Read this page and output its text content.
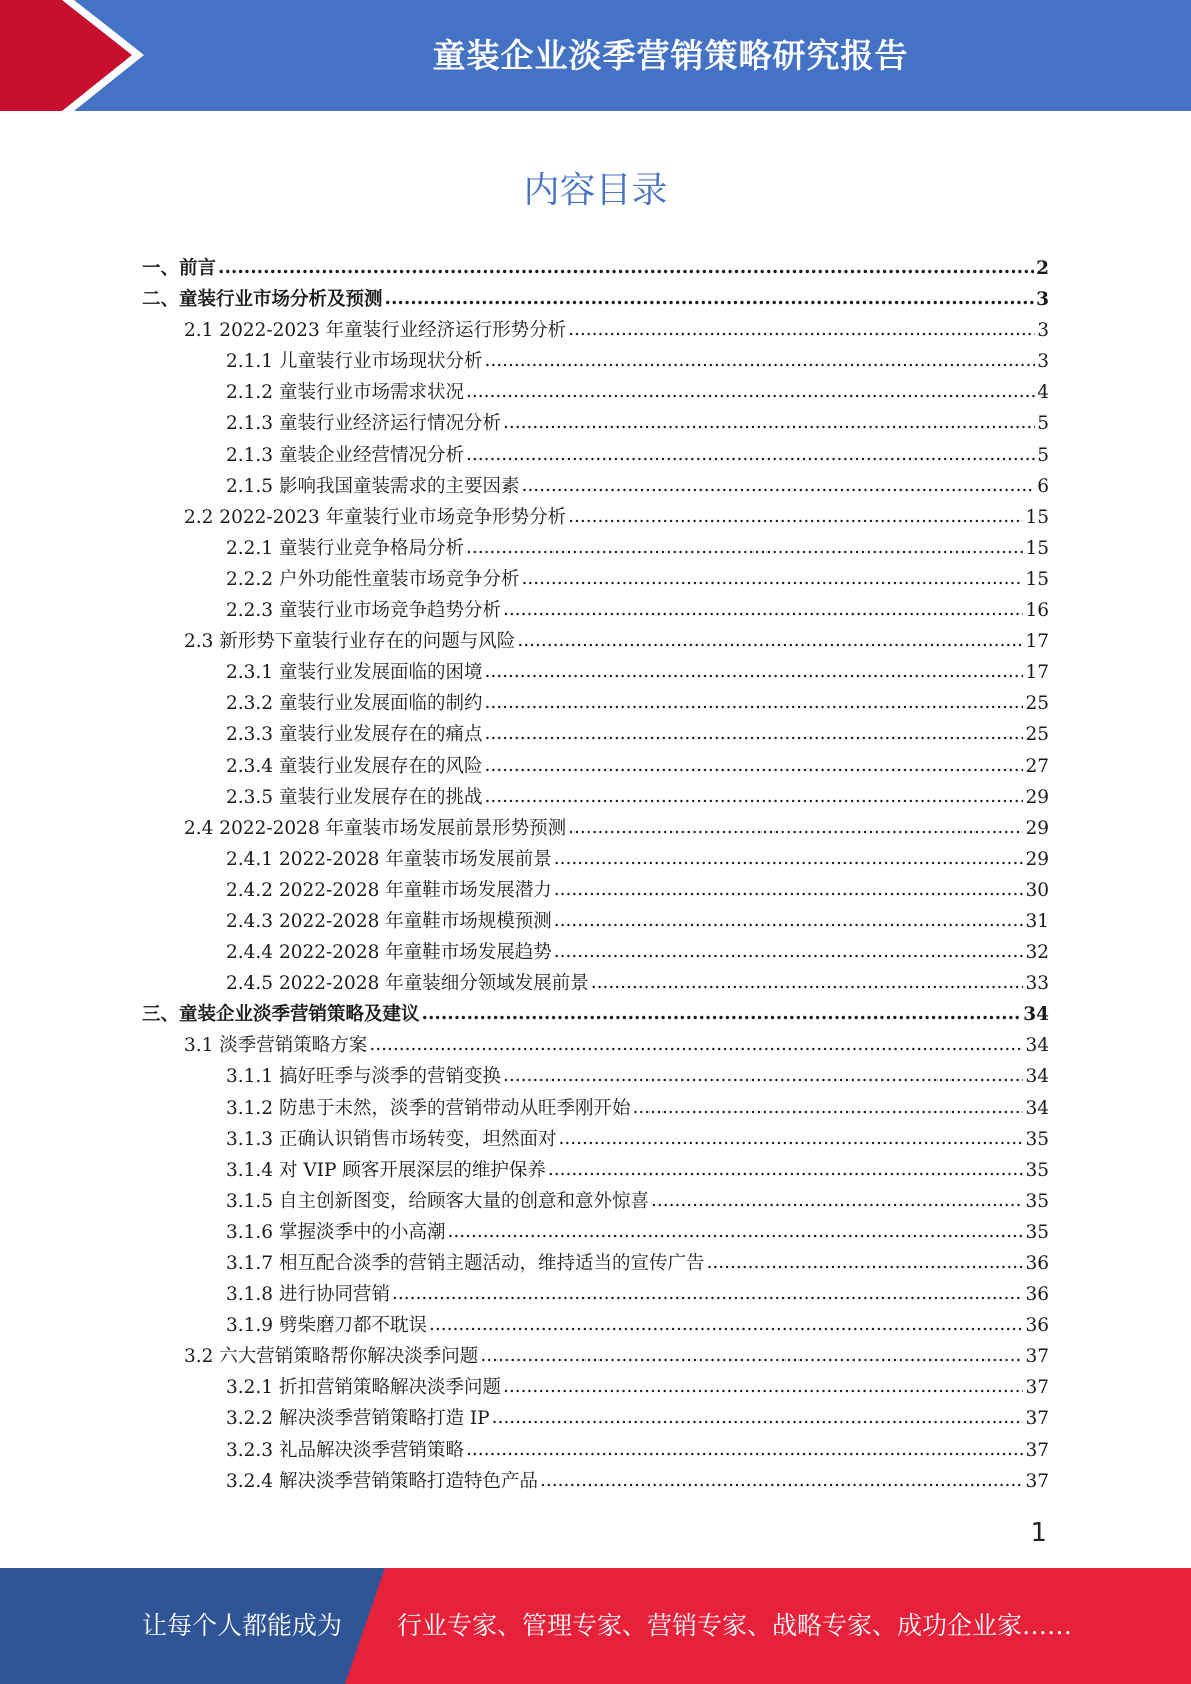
童装企业淡季营销策略研究报告
内容目录
一、前言 .....	2
二、童装行业市场分析及预测 .....	3
2.1 2022-2023 年童装行业经济运行形势分析 .....	3
2.1.1 儿童装行业市场现状分析 .....	3
2.1.2 童装行业市场需求状况 .....	4
2.1.3 童装行业经济运行情况分析 .....	5
2.1.3 童装企业经营情况分析 .....	5
2.1.5 影响我国童装需求的主要因素 .....	6
2.2 2022-2023 年童装行业市场竞争形势分析 .....	15
2.2.1 童装行业竞争格局分析 .....	15
2.2.2 户外功能性童装市场竞争分析 .....	15
2.2.3 童装行业市场竞争趋势分析 .....	16
2.3 新形势下童装行业存在的问题与风险 .....	17
2.3.1 童装行业发展面临的困境 .....	17
2.3.2 童装行业发展面临的制约 .....	25
2.3.3 童装行业发展存在的痛点 .....	25
2.3.4 童装行业发展存在的风险 .....	27
2.3.5 童装行业发展存在的挑战 .....	29
2.4 2022-2028 年童装市场发展前景形势预测 .....	29
2.4.1 2022-2028 年童装市场发展前景 .....	29
2.4.2 2022-2028 年童鞋市场发展潜力 .....	30
2.4.3 2022-2028 年童鞋市场规模预测 .....	31
2.4.4 2022-2028 年童鞋市场发展趋势 .....	32
2.4.5 2022-2028 年童装细分领域发展前景 .....	33
三、童装企业淡季营销策略及建议 .....	34
3.1 淡季营销策略方案 .....	34
3.1.1 搞好旺季与淡季的营销变换 .....	34
3.1.2 防患于未然，淡季的营销带动从旺季刚开始 .....	34
3.1.3 正确认识销售市场转变，坦然面对 .....	35
3.1.4 对 VIP 顾客开展深层的维护保养 .....	35
3.1.5 自主创新图变，给顾客大量的创意和意外惊喜 .....	35
3.1.6 掌握淡季中的小高潮 .....	35
3.1.7 相互配合淡季的营销主题活动，维持适当的宣传广告 .....	36
3.1.8 进行协同营销 .....	36
3.1.9 劈柴磨刀都不耽误 .....	36
3.2 六大营销策略帮你解决淡季问题 .....	37
3.2.1 折扣营销策略解决淡季问题 .....	37
3.2.2 解决淡季营销策略打造 IP .....	37
3.2.3 礼品解决淡季营销策略 .....	37
3.2.4 解决淡季营销策略打造特色产品 .....	37
1
让每个人都能成为 行业专家、管理专家、营销专家、战略专家、成功企业家……
